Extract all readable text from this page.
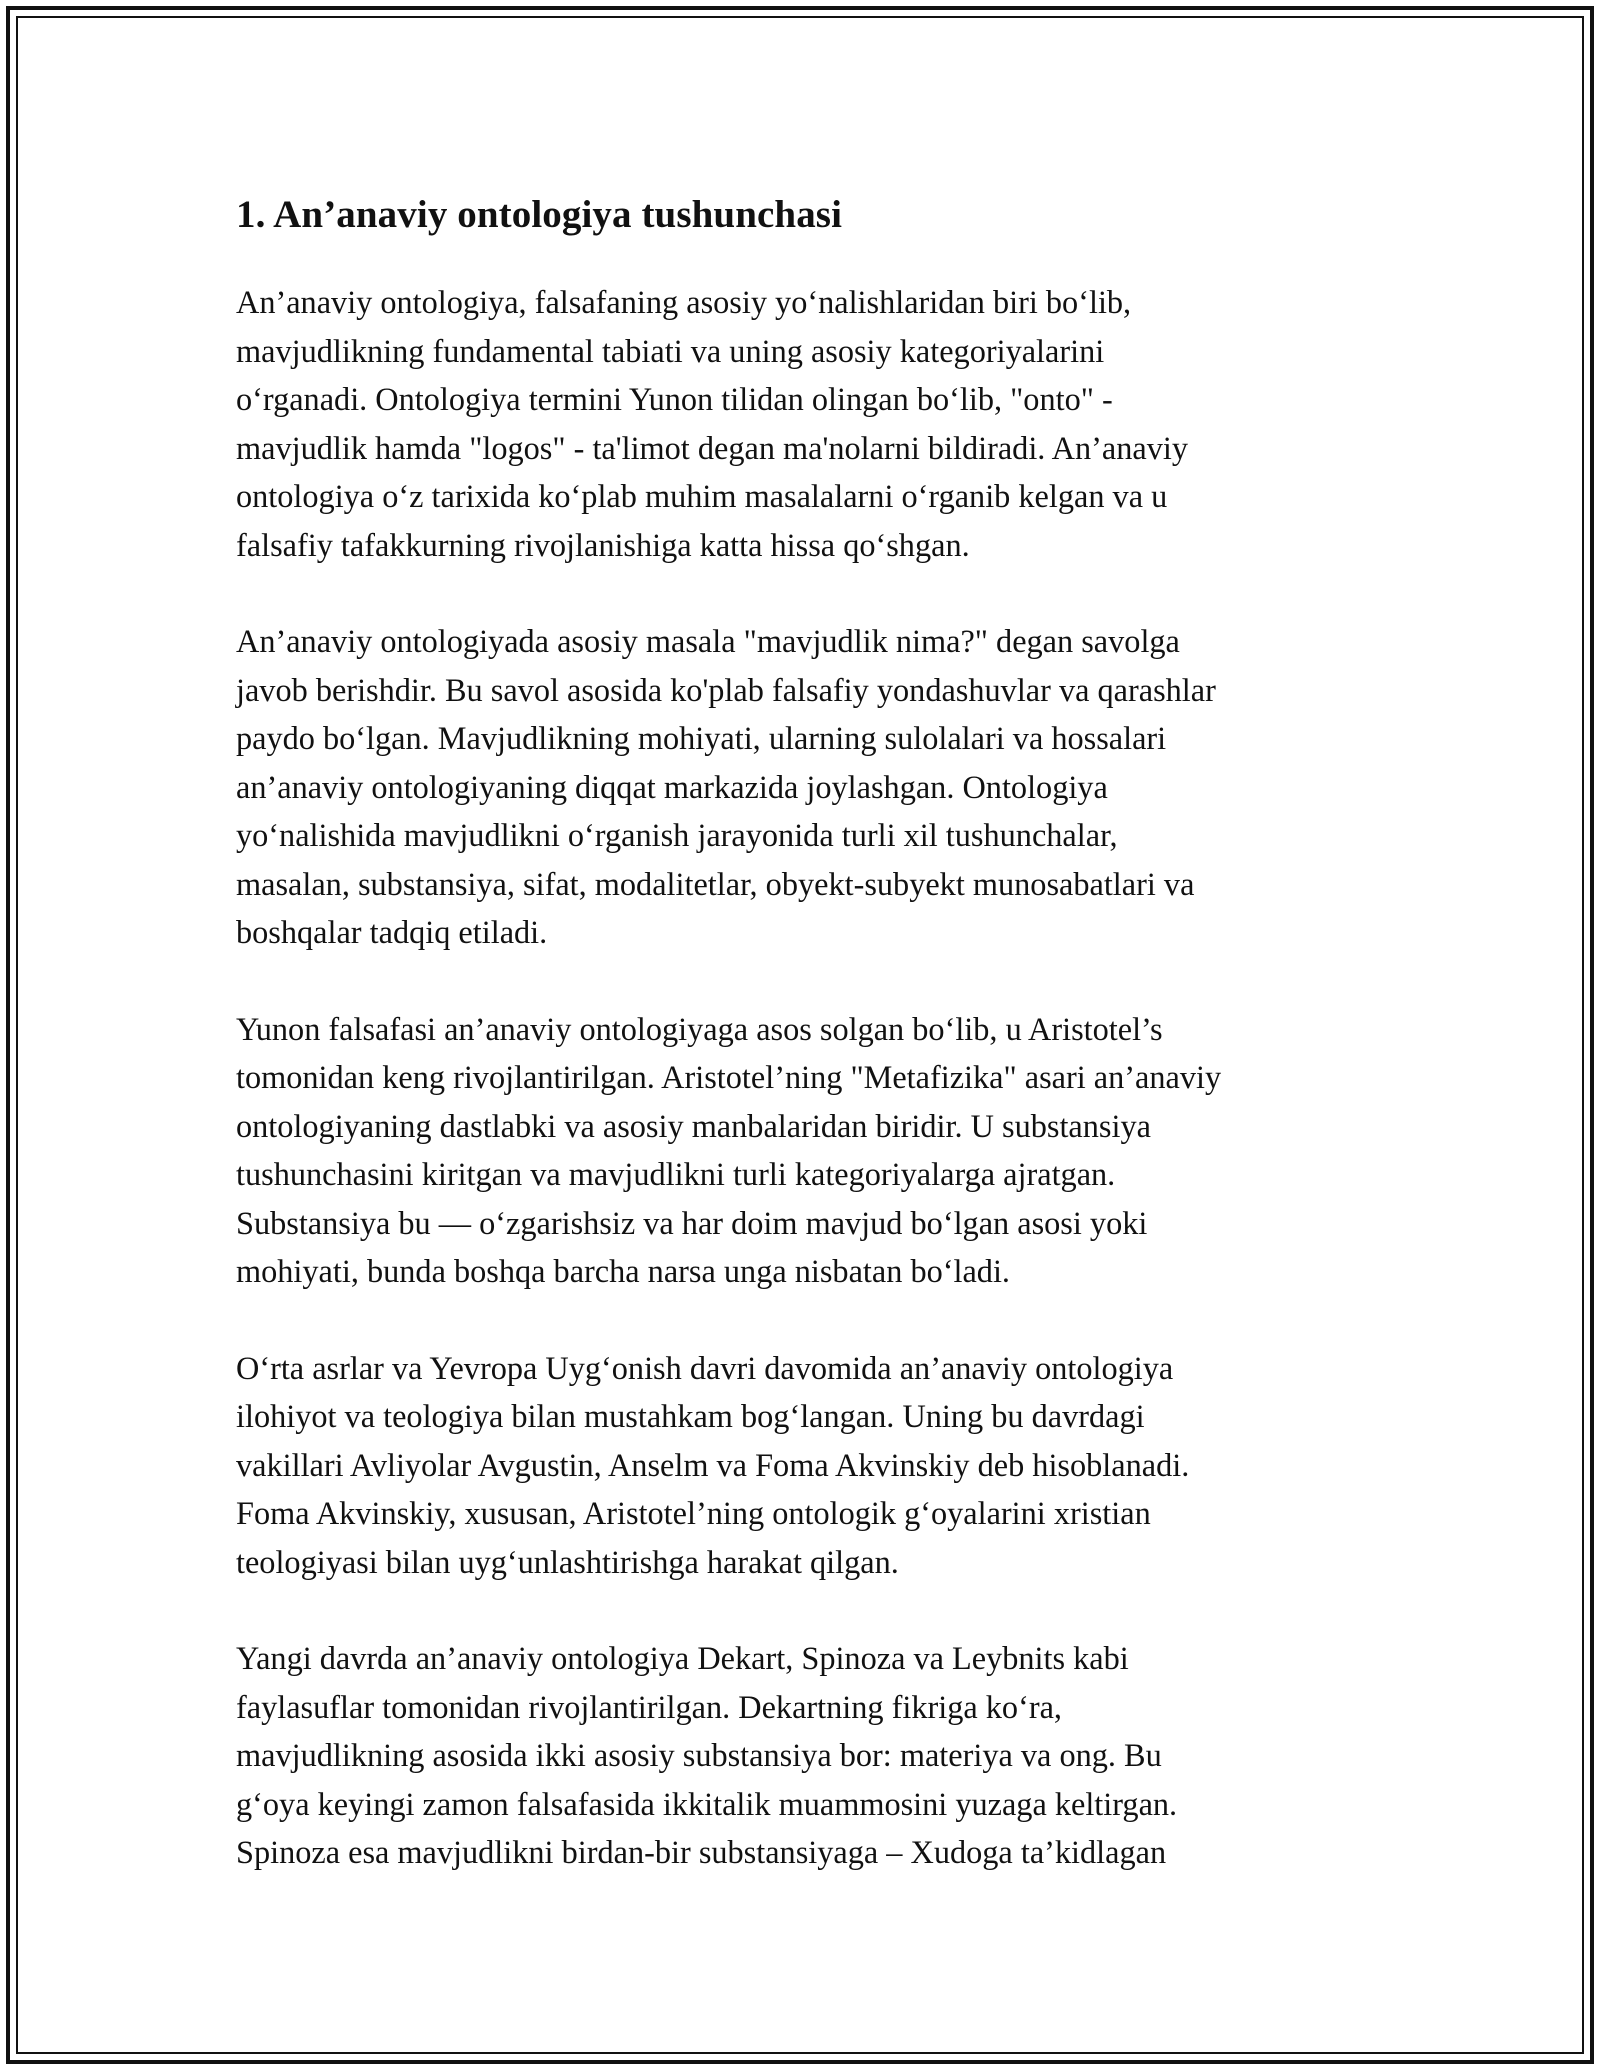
1. An’anaviy ontologiya tushunchasi

An’anaviy ontologiya, falsafaning asosiy yo‘nalishlaridan biri bo‘lib,
mavjudlikning fundamental tabiati va uning asosiy kategoriyalarini
o‘rganadi. Ontologiya termini Yunon tilidan olingan bo‘lib, "onto" -
mavjudlik hamda "logos" - ta'limot degan ma'nolarni bildiradi. An’anaviy
ontologiya o‘z tarixida ko‘plab muhim masalalarni o‘rganib kelgan va u
falsafiy tafakkurning rivojlanishiga katta hissa qo‘shgan.

An’anaviy ontologiyada asosiy masala "mavjudlik nima?" degan savolga
javob berishdir. Bu savol asosida ko'plab falsafiy yondashuvlar va qarashlar
paydo bo‘lgan. Mavjudlikning mohiyati, ularning sulolalari va hossalari
an’anaviy ontologiyaning diqqat markazida joylashgan. Ontologiya
yo‘nalishida mavjudlikni o‘rganish jarayonida turli xil tushunchalar,
masalan, substansiya, sifat, modalitetlar, obyekt-subyekt munosabatlari va
boshqalar tadqiq etiladi.

Yunon falsafasi an’anaviy ontologiyaga asos solgan bo‘lib, u Aristotel’s
tomonidan keng rivojlantirilgan. Aristotel’ning "Metafizika" asari an’anaviy
ontologiyaning dastlabki va asosiy manbalaridan biridir. U substansiya
tushunchasini kiritgan va mavjudlikni turli kategoriyalarga ajratgan.
Substansiya bu — o‘zgarishsiz va har doim mavjud bo‘lgan asosi yoki
mohiyati, bunda boshqa barcha narsa unga nisbatan bo‘ladi.

O‘rta asrlar va Yevropa Uyg‘onish davri davomida an’anaviy ontologiya
ilohiyot va teologiya bilan mustahkam bog‘langan. Uning bu davrdagi
vakillari Avliyolar Avgustin, Anselm va Foma Akvinskiy deb hisoblanadi.
Foma Akvinskiy, xususan, Aristotel’ning ontologik g‘oyalarini xristian
teologiyasi bilan uyg‘unlashtirishga harakat qilgan.

Yangi davrda an’anaviy ontologiya Dekart, Spinoza va Leybnits kabi
faylasuflar tomonidan rivojlantirilgan. Dekartning fikriga ko‘ra,
mavjudlikning asosida ikki asosiy substansiya bor: materiya va ong. Bu
g‘oya keyingi zamon falsafasida ikkitalik muammosini yuzaga keltirgan.
Spinoza esa mavjudlikni birdan-bir substansiyaga – Xudoga ta’kidlagan
